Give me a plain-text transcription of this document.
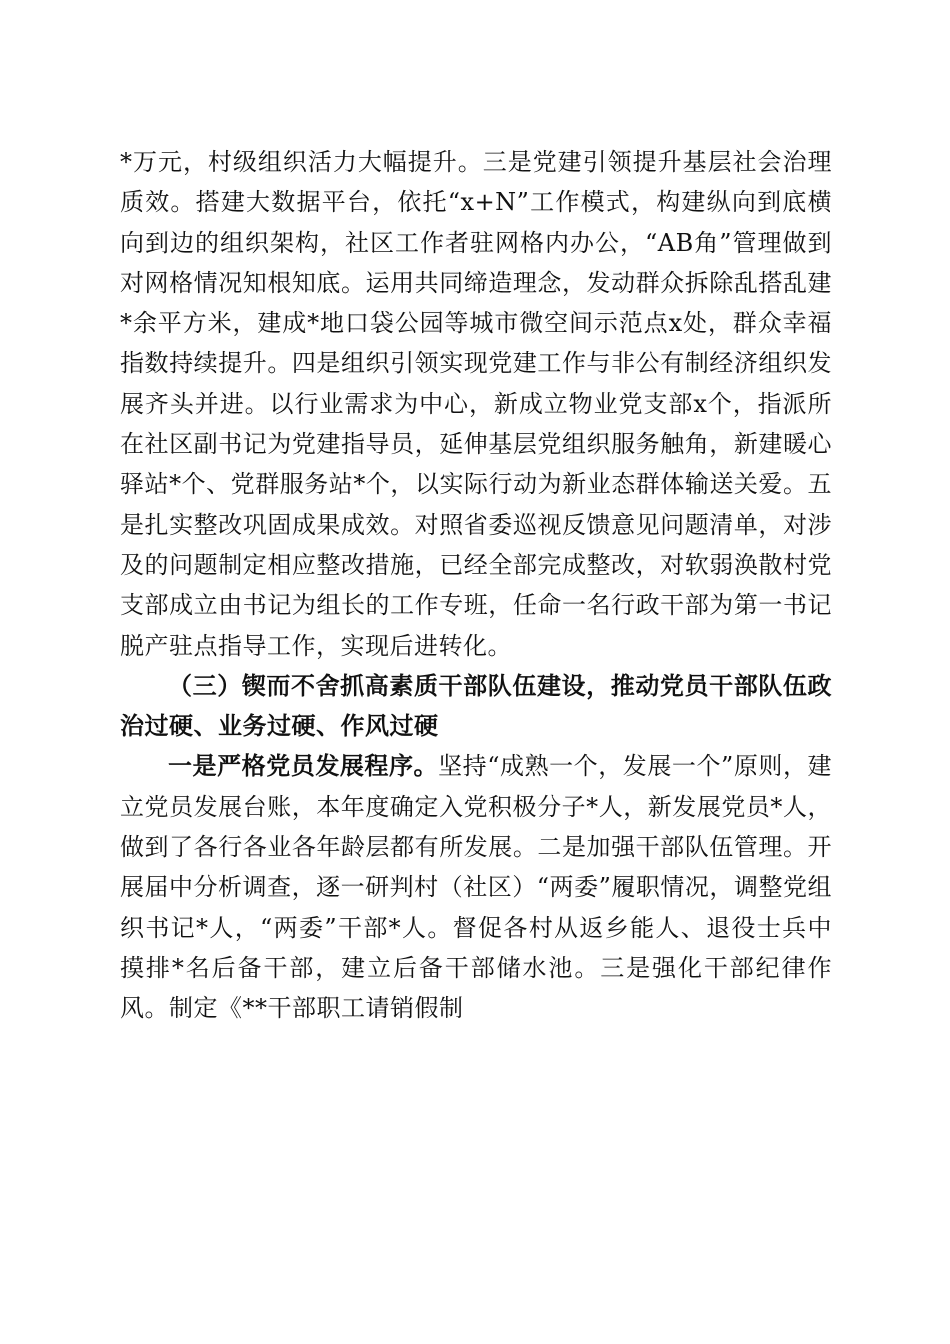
*万元，村级组织活力大幅提升。三是党建引领提升基层社会治理质效。搭建大数据平台，依托“x+N”工作模式，构建纵向到底横向到边的组织架构，社区工作者驻网格内办公，“AB角”管理做到对网格情况知根知底。运用共同缔造理念，发动群众拆除乱搭乱建*余平方米，建成*地口袋公园等城市微空间示范点x处，群众幸福指数持续提升。四是组织引领实现党建工作与非公有制经济组织发展齐头并进。以行业需求为中心，新成立物业党支部x个，指派所在社区副书记为党建指导员，延伸基层党组织服务触角，新建暖心驿站*个、党群服务站*个，以实际行动为新业态群体输送关爱。五是扎实整改巩固成果成效。对照省委巡视反馈意见问题清单，对涉及的问题制定相应整改措施，已经全部完成整改，对软弱涣散村党支部成立由书记为组长的工作专班，任命一名行政干部为第一书记脱产驻点指导工作，实现后进转化。

（三）锲而不舍抓高素质干部队伍建设，推动党员干部队伍政治过硬、业务过硬、作风过硬

一是严格党员发展程序。坚持“成熟一个，发展一个”原则，建立党员发展台账，本年度确定入党积极分子*人，新发展党员*人，做到了各行各业各年龄层都有所发展。二是加强干部队伍管理。开展届中分析调查，逐一研判村（社区）“两委”履职情况，调整党组织书记*人，“两委”干部*人。督促各村从返乡能人、退役士兵中摸排*名后备干部，建立后备干部储水池。三是强化干部纪律作风。制定《**干部职工请销假制
